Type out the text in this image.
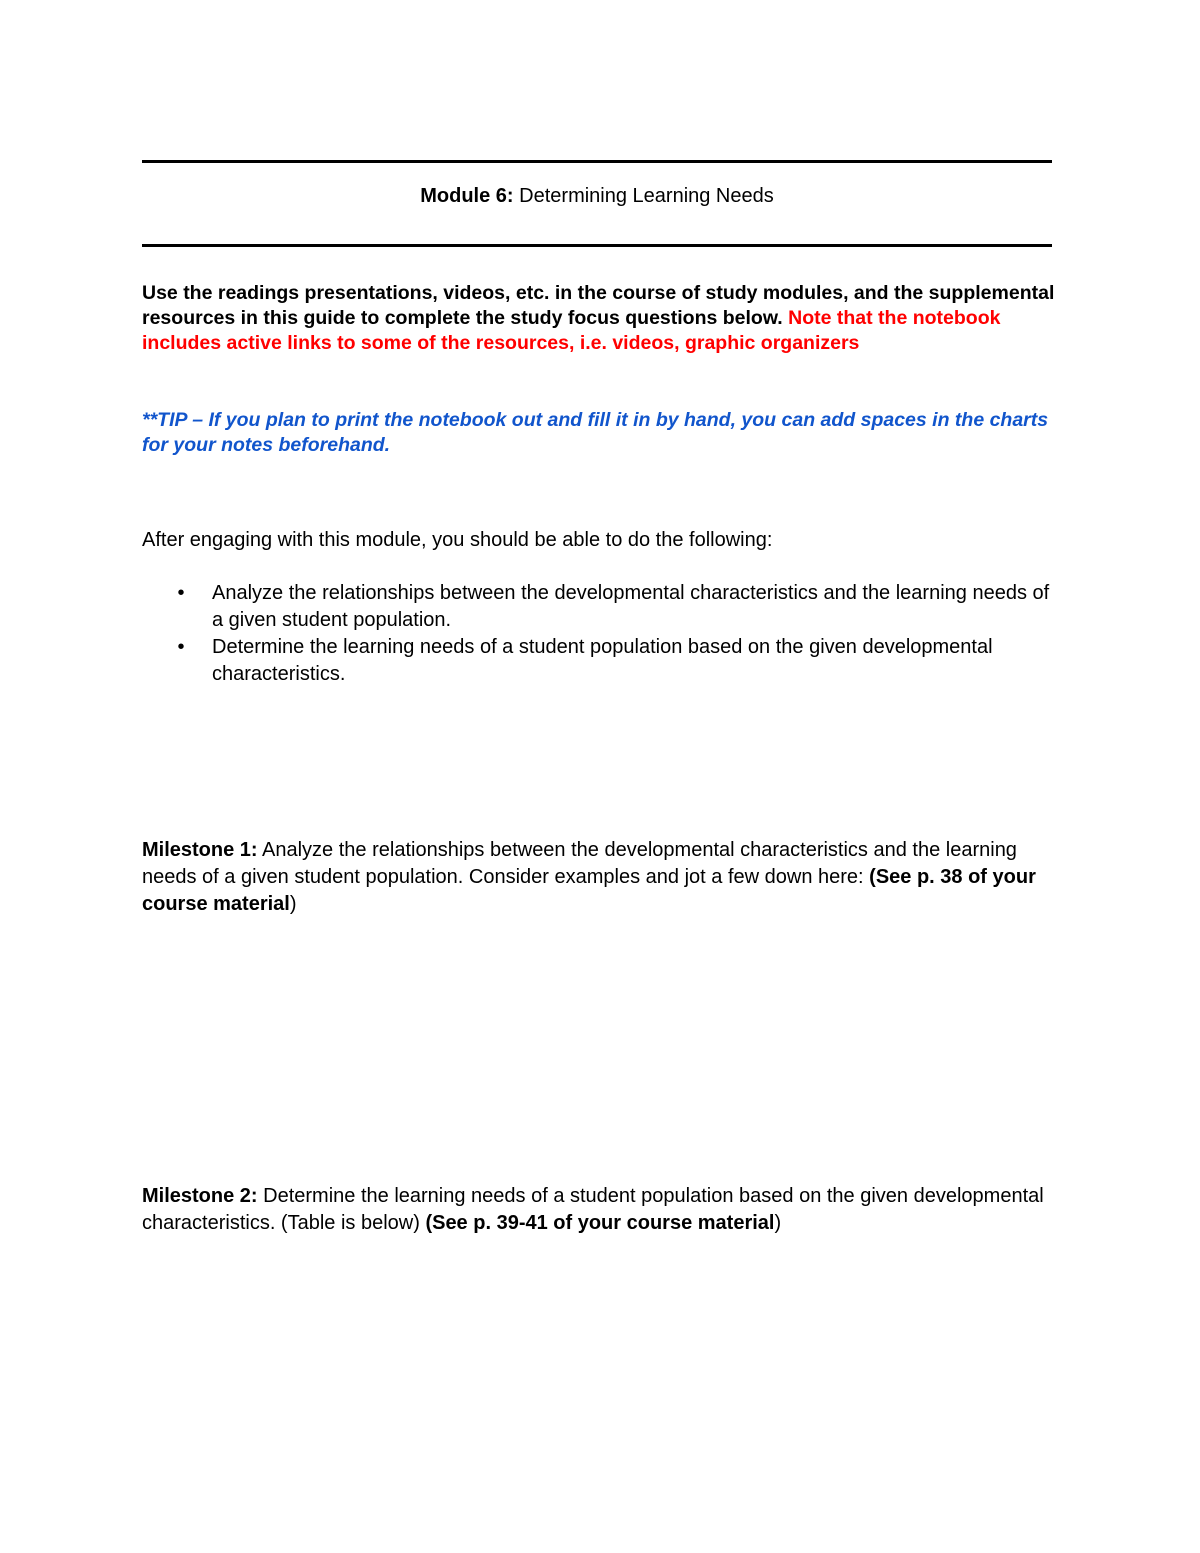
Module 6: Determining Learning Needs
Use the readings presentations, videos, etc. in the course of study modules, and the supplemental resources in this guide to complete the study focus questions below. Note that the notebook includes active links to some of the resources, i.e. videos, graphic organizers
**TIP – If you plan to print the notebook out and fill it in by hand, you can add spaces in the charts for your notes beforehand.
After engaging with this module, you should be able to do the following:
• Analyze the relationships between the developmental characteristics and the learning needs of a given student population.
• Determine the learning needs of a student population based on the given developmental characteristics.
Milestone 1: Analyze the relationships between the developmental characteristics and the learning needs of a given student population. Consider examples and jot a few down here: (See p. 38 of your course material)
Milestone 2: Determine the learning needs of a student population based on the given developmental characteristics. (Table is below) (See p. 39-41 of your course material)
